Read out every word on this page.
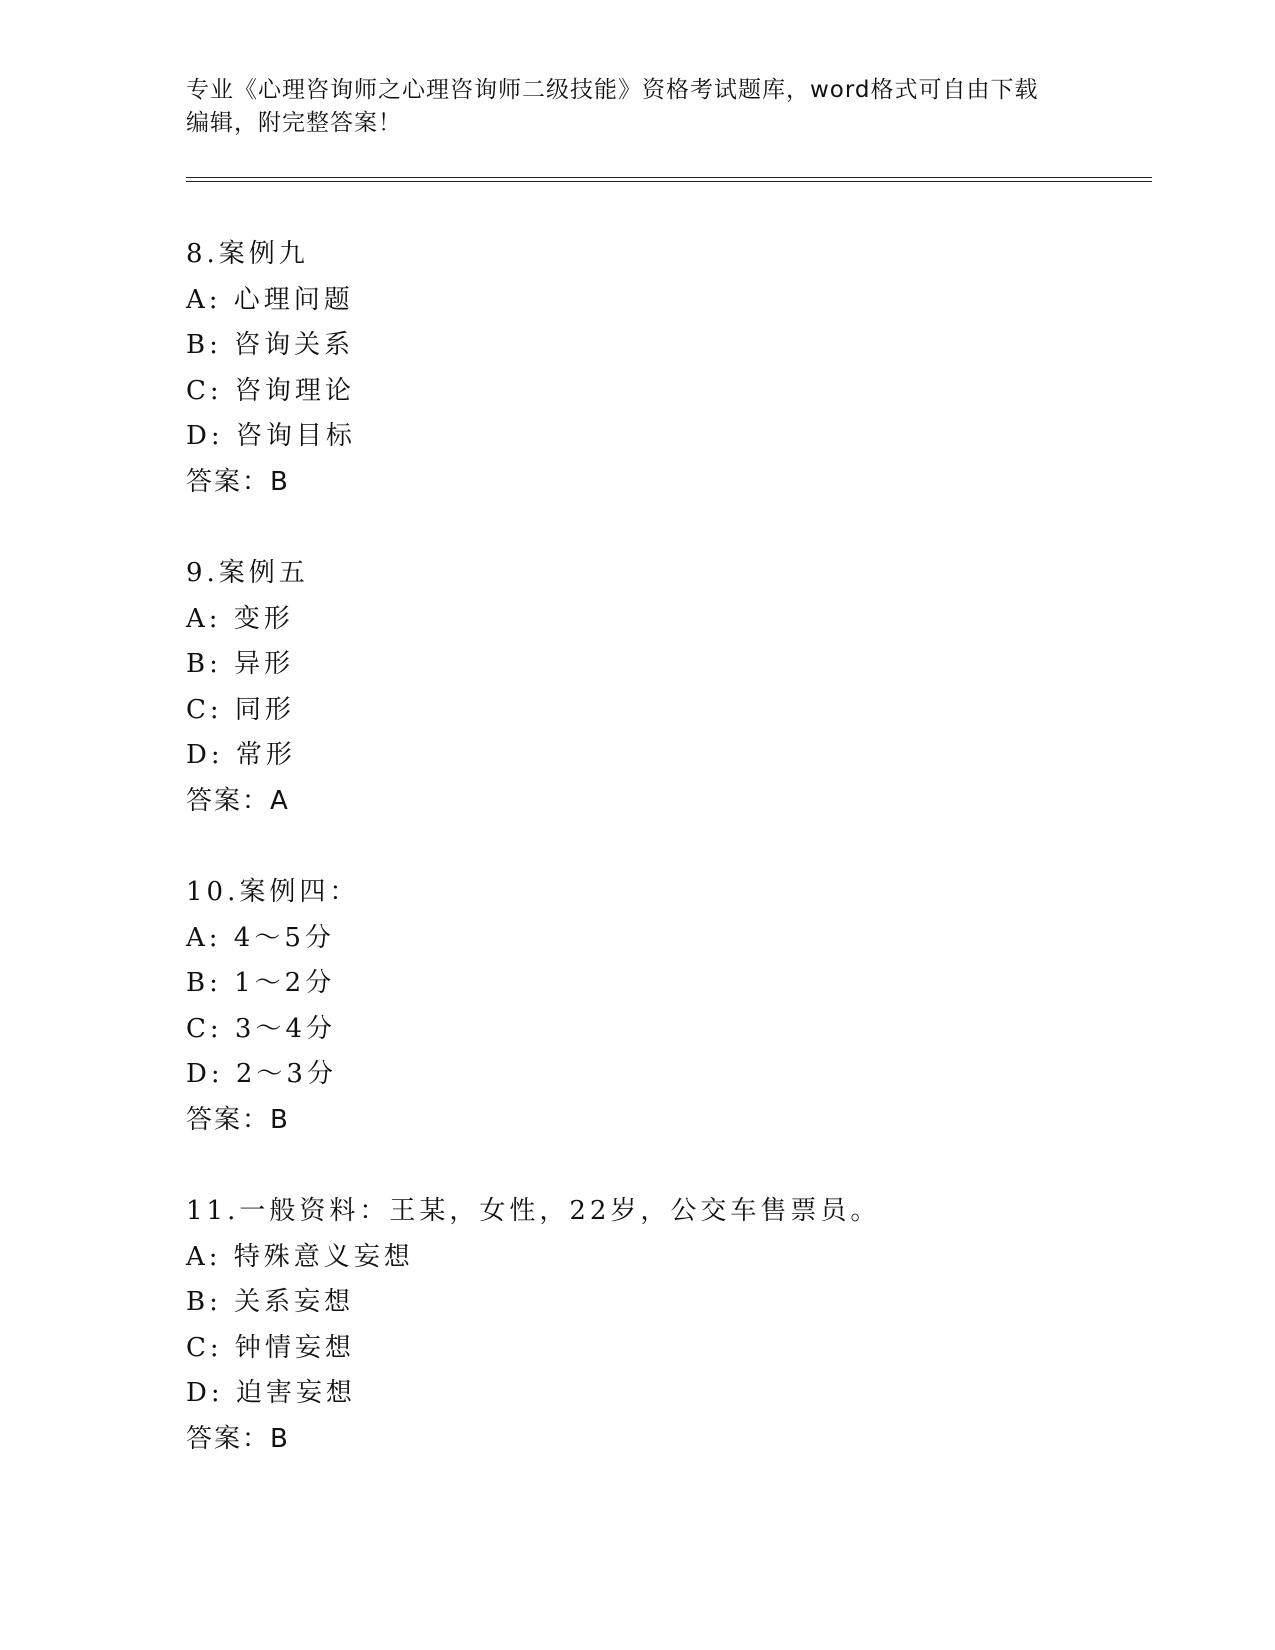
专业《心理咨询师之心理咨询师二级技能》资格考试题库，word格式可自由下载
编辑，附完整答案！
8.案例九
A: 心理问题
B: 咨询关系
C: 咨询理论
D: 咨询目标
答案：B
9.案例五
A: 变形
B: 异形
C: 同形
D: 常形
答案：A
10.案例四：
A: 4～5分
B: 1～2分
C: 3～4分
D: 2～3分
答案：B
11.一般资料：王某，女性，22岁，公交车售票员。
A: 特殊意义妄想
B: 关系妄想
C: 钟情妄想
D: 迫害妄想
答案：B
